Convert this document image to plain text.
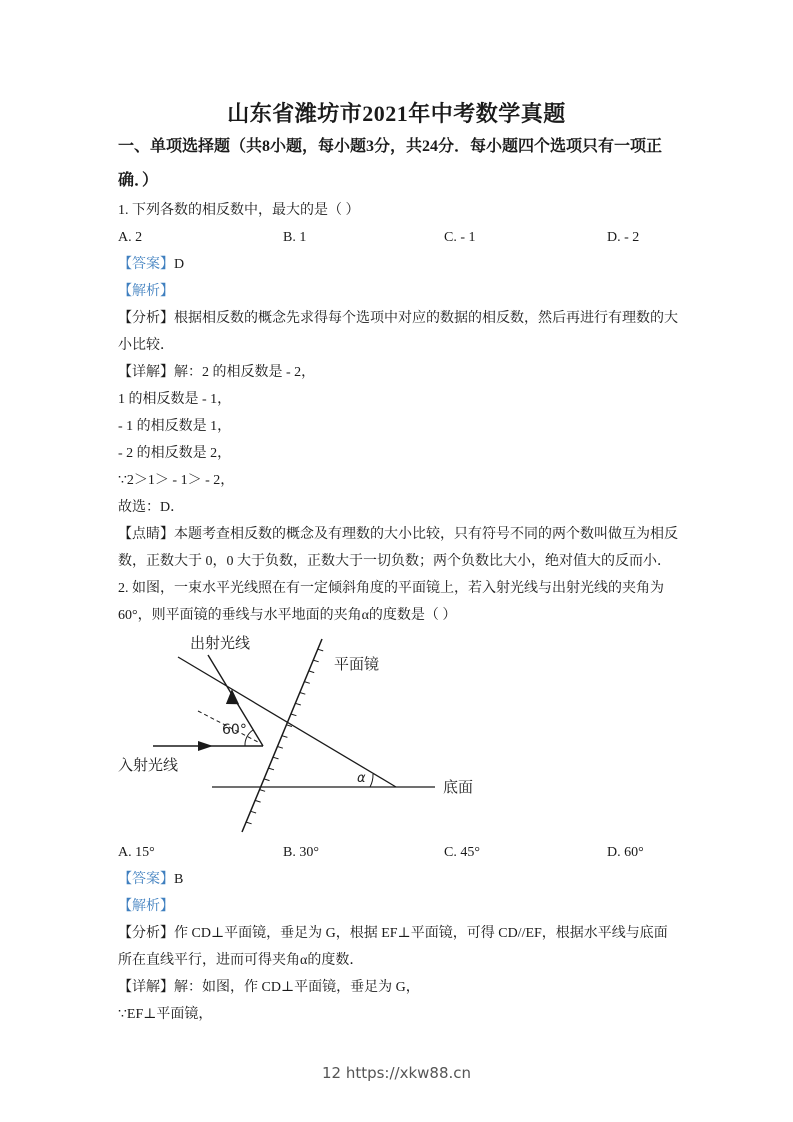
山东省潍坊市2021年中考数学真题
一、单项选择题（共8小题，每小题3分，共24分．每小题四个选项只有一项正确．）
1. 下列各数的相反数中，最大的是（ ）
A. 2	B. 1	C. - 1	D. - 2
【答案】D
【解析】
【分析】根据相反数的概念先求得每个选项中对应的数据的相反数，然后再进行有理数的大
小比较．
【详解】解：2 的相反数是 - 2，
1 的相反数是 - 1，
- 1 的相反数是 1，
- 2 的相反数是 2，
∵2＞1＞ - 1＞ - 2，
故选：D．
【点睛】本题考查相反数的概念及有理数的大小比较，只有符号不同的两个数叫做互为相反
数，正数大于 0，0 大于负数，正数大于一切负数；两个负数比大小，绝对值大的反而小．
2. 如图，一束水平光线照在有一定倾斜角度的平面镜上，若入射光线与出射光线的夹角为
60°，则平面镜的垂线与水平地面的夹角α的度数是（ ）
出射光线
平面镜
入射光线
底面
60°
α
A. 15°	B. 30°	C. 45°	D. 60°
【答案】B
【解析】
【分析】作 CD⊥平面镜，垂足为 G，根据 EF⊥平面镜，可得 CD//EF，根据水平线与底面
所在直线平行，进而可得夹角α的度数．
【详解】解：如图，作 CD⊥平面镜，垂足为 G，
∵EF⊥平面镜，
12 https://xkw88.cn
